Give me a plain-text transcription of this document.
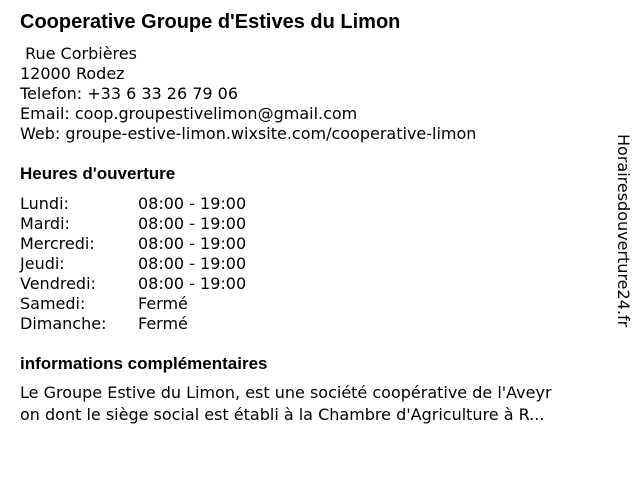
Cooperative Groupe d'Estives du Limon
Rue Corbières
12000 Rodez
Telefon: +33 6 33 26 79 06
Email: coop.groupestivelimon@gmail.com
Web: groupe-estive-limon.wixsite.com/cooperative-limon
Heures d'ouverture
Lundi:	08:00 - 19:00
Mardi:	08:00 - 19:00
Mercredi:	08:00 - 19:00
Jeudi:	08:00 - 19:00
Vendredi:	08:00 - 19:00
Samedi:	Fermé
Dimanche:	Fermé
informations complémentaires
Le Groupe Estive du Limon, est une société coopérative de l'Aveyr
on dont le siège social est établi à la Chambre d'Agriculture à R...
Horairesdouverture24.fr
